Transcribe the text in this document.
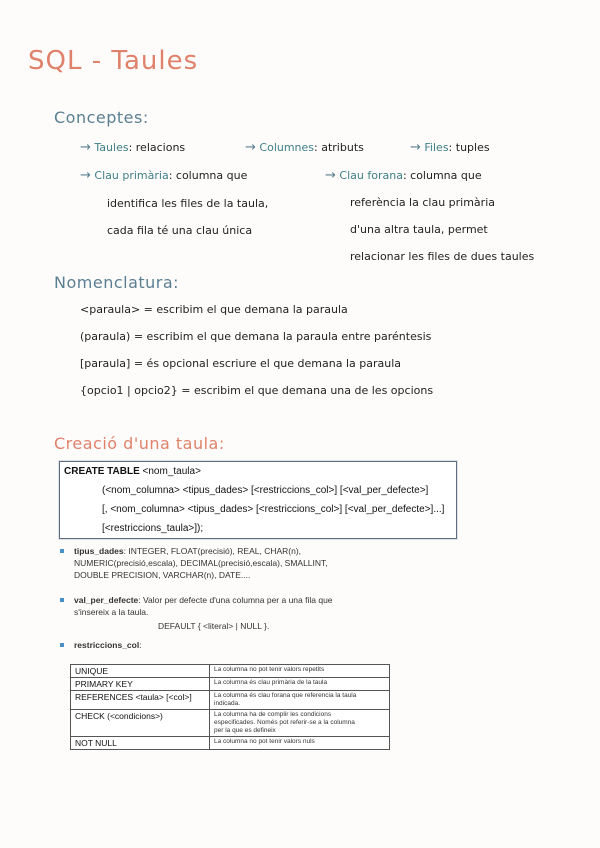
SQL - Taules
Conceptes:
→ Taules: relacions	→ Columnes: atributs	→ Files: tuples
→ Clau primària: columna que
identifica les files de la taula,
cada fila té una clau única
→ Clau forana: columna que
referència la clau primària
d'una altra taula, permet
relacionar les files de dues taules
Nomenclatura:
<paraula> = escribim el que demana la paraula
(paraula) = escribim el que demana la paraula entre paréntesis
[paraula] = és opcional escriure el que demana la paraula
{opcio1 | opcio2} = escribim el que demana una de les opcions
Creació d'una taula:
CREATE TABLE <nom_taula>
(<nom_columna> <tipus_dades> [<restriccions_col>] [<val_per_defecte>]
[, <nom_columna> <tipus_dades> [<restriccions_col>] [<val_per_defecte>]...]
[<restriccions_taula>]);
tipus_dades: INTEGER, FLOAT(precisió), REAL, CHAR(n),
NUMERIC(precisió,escala), DECIMAL(precisió,escala), SMALLINT,
DOUBLE PRECISION, VARCHAR(n), DATE....
val_per_defecte: Valor per defecte d'una columna per a una fila que
s'insereix a la taula.
DEFAULT { <literal> | NULL }.
restriccions_col:
UNIQUE	La columna no pot tenir valors repetits

PRIMARY KEY	La columna és clau primària de la taula

REFERENCES <taula> [<col>]	La columna és clau forana que referencia la taula
indicada.

CHECK (<condicions>)	La columna ha de complir les condicions
especificades. Només pot referir-se a la columna
per la que es defineix

NOT NULL	La columna no pot tenir valors nuls
